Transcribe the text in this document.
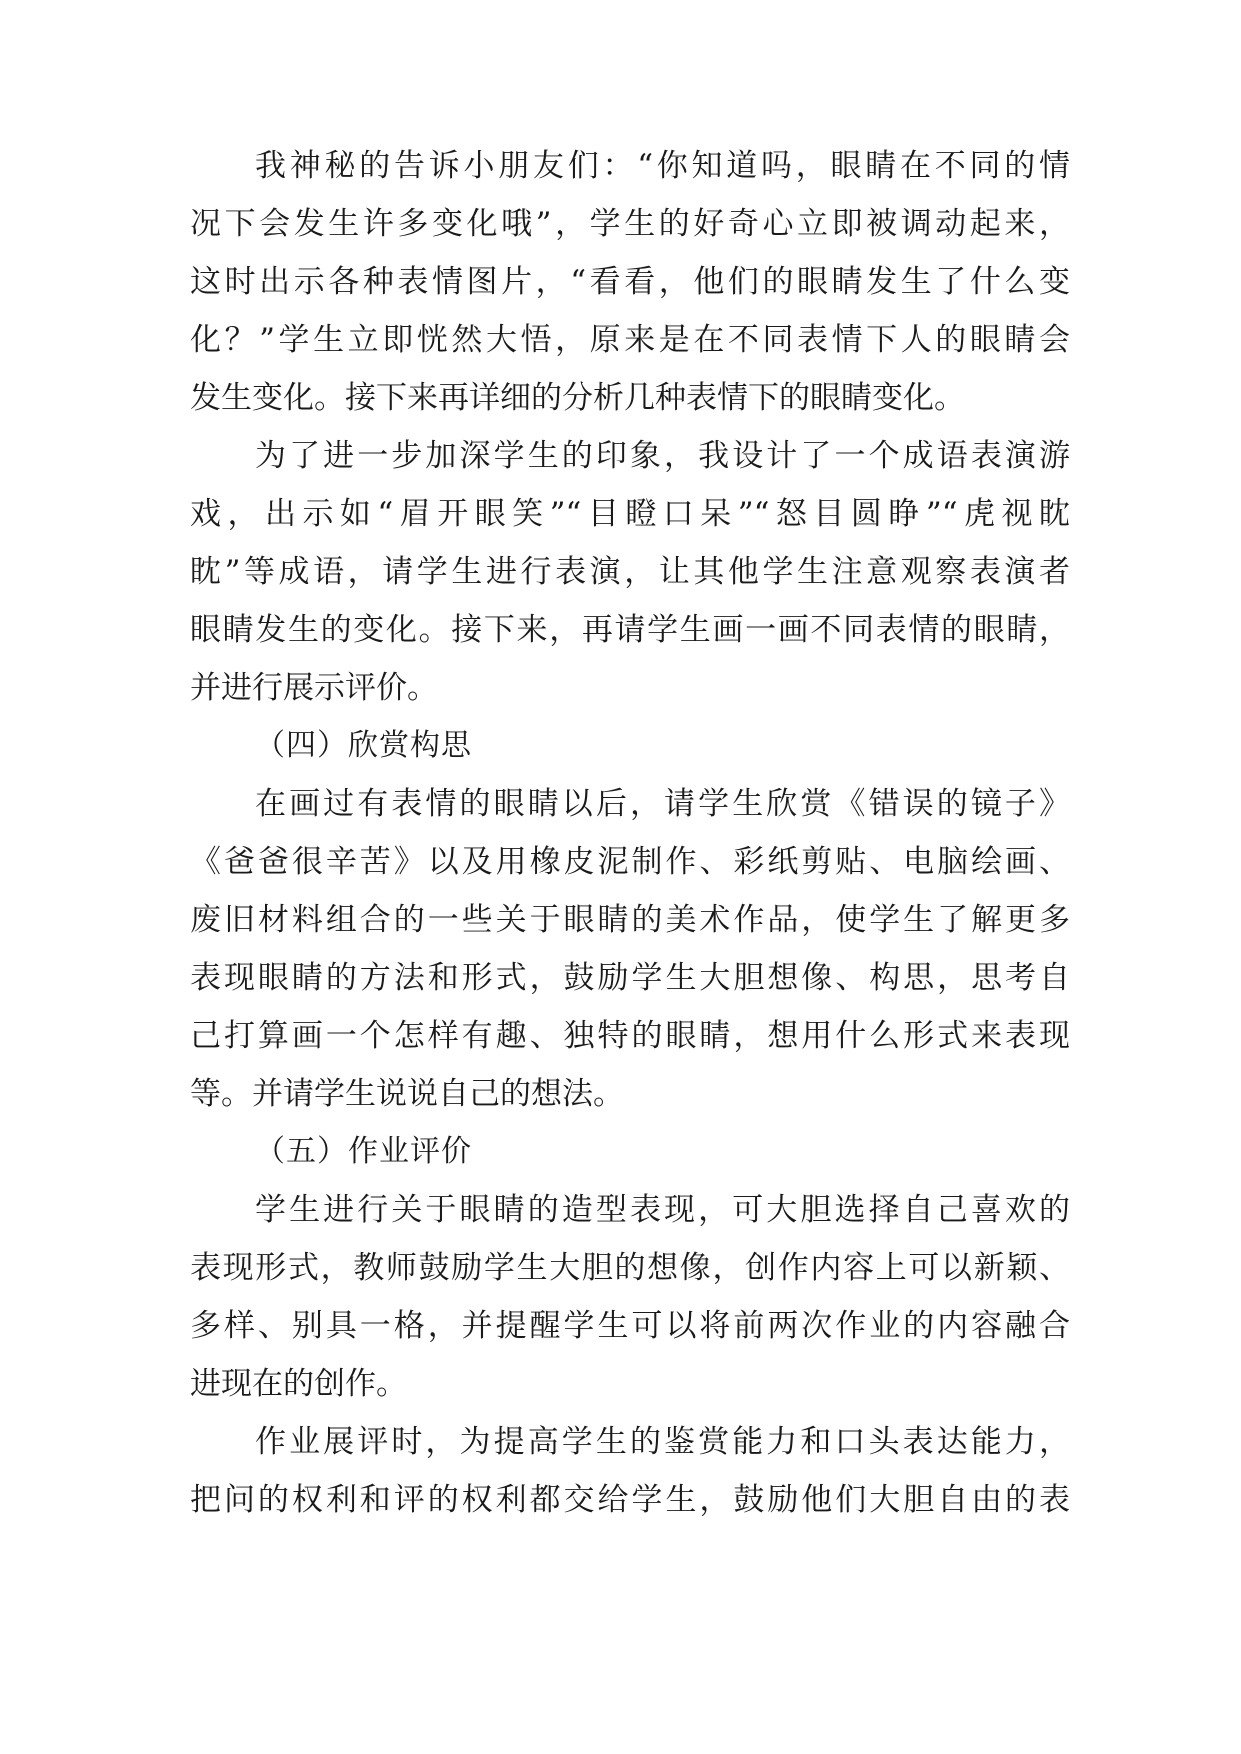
我神秘的告诉小朋友们：“你知道吗，眼睛在不同的情
况下会发生许多变化哦”，学生的好奇心立即被调动起来，
这时出示各种表情图片，“看看，他们的眼睛发生了什么变
化？”学生立即恍然大悟，原来是在不同表情下人的眼睛会
发生变化。接下来再详细的分析几种表情下的眼睛变化。
为了进一步加深学生的印象，我设计了一个成语表演游
戏，出示如“眉开眼笑”“目瞪口呆”“怒目圆睁”“虎视眈
眈”等成语，请学生进行表演，让其他学生注意观察表演者
眼睛发生的变化。接下来，再请学生画一画不同表情的眼睛，
并进行展示评价。
（四）欣赏构思
在画过有表情的眼睛以后，请学生欣赏《错误的镜子》
《爸爸很辛苦》以及用橡皮泥制作、彩纸剪贴、电脑绘画、
废旧材料组合的一些关于眼睛的美术作品，使学生了解更多
表现眼睛的方法和形式，鼓励学生大胆想像、构思，思考自
己打算画一个怎样有趣、独特的眼睛，想用什么形式来表现
等。并请学生说说自己的想法。
（五）作业评价
学生进行关于眼睛的造型表现，可大胆选择自己喜欢的
表现形式，教师鼓励学生大胆的想像，创作内容上可以新颖、
多样、别具一格，并提醒学生可以将前两次作业的内容融合
进现在的创作。
作业展评时，为提高学生的鉴赏能力和口头表达能力，
把问的权利和评的权利都交给学生，鼓励他们大胆自由的表
